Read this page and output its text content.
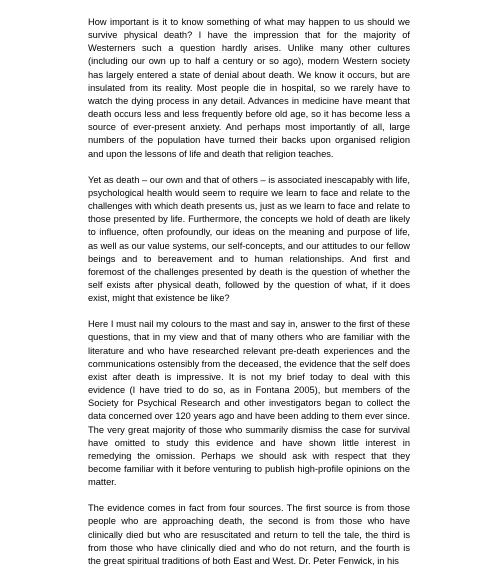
How important is it to know something of what may happen to us should we survive physical death? I have the impression that for the majority of Westerners such a question hardly arises. Unlike many other cultures (including our own up to half a century or so ago), modern Western society has largely entered a state of denial about death. We know it occurs, but are insulated from its reality. Most people die in hospital, so we rarely have to watch the dying process in any detail. Advances in medicine have meant that death occurs less and less frequently before old age, so it has become less a source of ever-present anxiety. And perhaps most importantly of all, large numbers of the population have turned their backs upon organised religion and upon the lessons of life and death that religion teaches.

Yet as death – our own and that of others – is associated inescapably with life, psychological health would seem to require we learn to face and relate to the challenges with which death presents us, just as we learn to face and relate to those presented by life. Furthermore, the concepts we hold of death are likely to influence, often profoundly, our ideas on the meaning and purpose of life, as well as our value systems, our self-concepts, and our attitudes to our fellow beings and to bereavement and to human relationships. And first and foremost of the challenges presented by death is the question of whether the self exists after physical death, followed by the question of what, if it does exist, might that existence be like?

Here I must nail my colours to the mast and say in, answer to the first of these questions, that in my view and that of many others who are familiar with the literature and who have researched relevant pre-death experiences and the communications ostensibly from the deceased, the evidence that the self does exist after death is impressive. It is not my brief today to deal with this evidence (I have tried to do so, as in Fontana 2005), but members of the Society for Psychical Research and other investigators began to collect the data concerned over 120 years ago and have been adding to them ever since. The very great majority of those who summarily dismiss the case for survival have omitted to study this evidence and have shown little interest in remedying the omission. Perhaps we should ask with respect that they become familiar with it before venturing to publish high-profile opinions on the matter.

The evidence comes in fact from four sources. The first source is from those people who are approaching death, the second is from those who have clinically died but who are resuscitated and return to tell the tale, the third is from those who have clinically died and who do not return, and the fourth is the great spiritual traditions of both East and West. Dr. Peter Fenwick, in his
